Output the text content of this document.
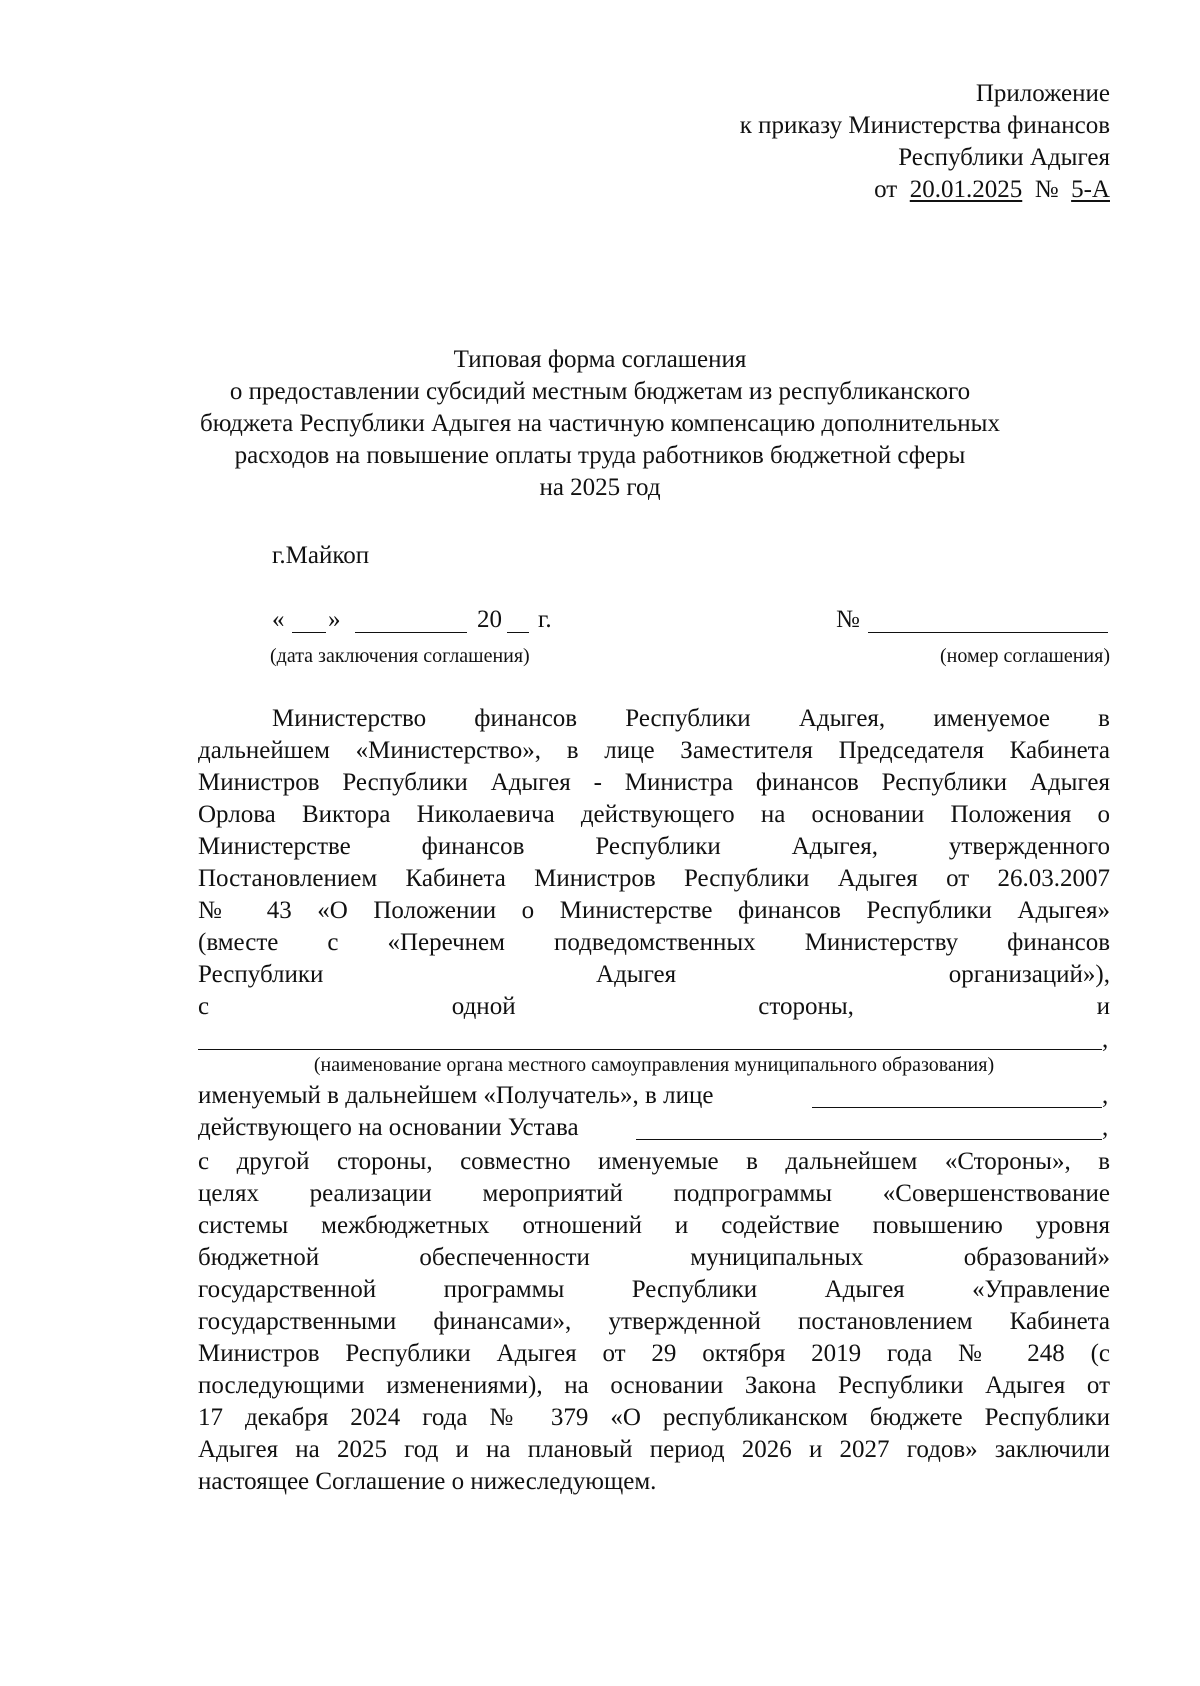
Приложение
к приказу Министерства финансов
Республики Адыгея
от 20.01.2025 № 5-А
Типовая форма соглашения
о предоставлении субсидий местным бюджетам из республиканского
бюджета Республики Адыгея на частичную компенсацию дополнительных
расходов на повышение оплаты труда работников бюджетной сферы
на 2025 год
г.Майкоп
« »	20 г.	№
(дата заключения соглашения)	(номер соглашения)
Министерство финансов Республики Адыгея, именуемое в
дальнейшем «Министерство», в лице Заместителя Председателя Кабинета
Министров Республики Адыгея - Министра финансов Республики Адыгея
Орлова Виктора Николаевича действующего на основании Положения о
Министерстве финансов Республики Адыгея, утвержденного
Постановлением Кабинета Министров Республики Адыгея от 26.03.2007
№ 43 «О Положении о Министерстве финансов Республики Адыгея»
(вместе с «Перечнем подведомственных Министерству финансов
Республики Адыгея организаций»),
с одной стороны, и
,
(наименование органа местного самоуправления муниципального образования)
именуемый в дальнейшем «Получатель», в лице	,
действующего на основании Устава	,
с другой стороны, совместно именуемые в дальнейшем «Стороны», в
целях реализации мероприятий подпрограммы «Совершенствование
системы межбюджетных отношений и содействие повышению уровня
бюджетной обеспеченности муниципальных образований»
государственной программы Республики Адыгея «Управление
государственными финансами», утвержденной постановлением Кабинета
Министров Республики Адыгея от 29 октября 2019 года № 248 (с
последующими изменениями), на основании Закона Республики Адыгея от
17 декабря 2024 года № 379 «О республиканском бюджете Республики
Адыгея на 2025 год и на плановый период 2026 и 2027 годов» заключили
настоящее Соглашение о нижеследующем.
